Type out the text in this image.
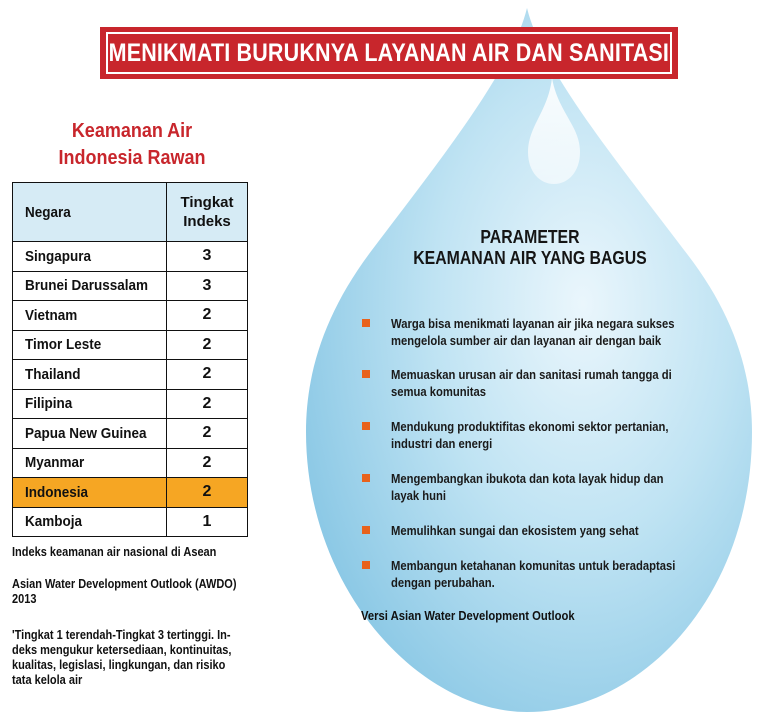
MENIKMATI BURUKNYA LAYANAN AIR DAN SANITASI
Keamanan Air
Indonesia Rawan
Negara	Tingkat
Indeks

Singapura	3
Brunei Darussalam	3
Vietnam	2
Timor Leste	2
Thailand	2
Filipina	2
Papua New Guinea	2
Myanmar	2
Indonesia	2
Kamboja	1
Indeks keamanan air nasional di Asean
Asian Water Development Outlook (AWDO)
2013
'Tingkat 1 terendah-Tingkat 3 tertinggi. In-
deks mengukur ketersediaan, kontinuitas,
kualitas, legislasi, lingkungan, dan risiko
tata kelola air
PARAMETER
KEAMANAN AIR YANG BAGUS
Warga bisa menikmati layanan air jika negara sukses
mengelola sumber air dan layanan air dengan baik
Memuaskan urusan air dan sanitasi rumah tangga di
semua komunitas
Mendukung produktifitas ekonomi sektor pertanian,
industri dan energi
Mengembangkan ibukota dan kota layak hidup dan
layak huni
Memulihkan sungai dan ekosistem yang sehat
Membangun ketahanan komunitas untuk beradaptasi
dengan perubahan.
Versi Asian Water Development Outlook
